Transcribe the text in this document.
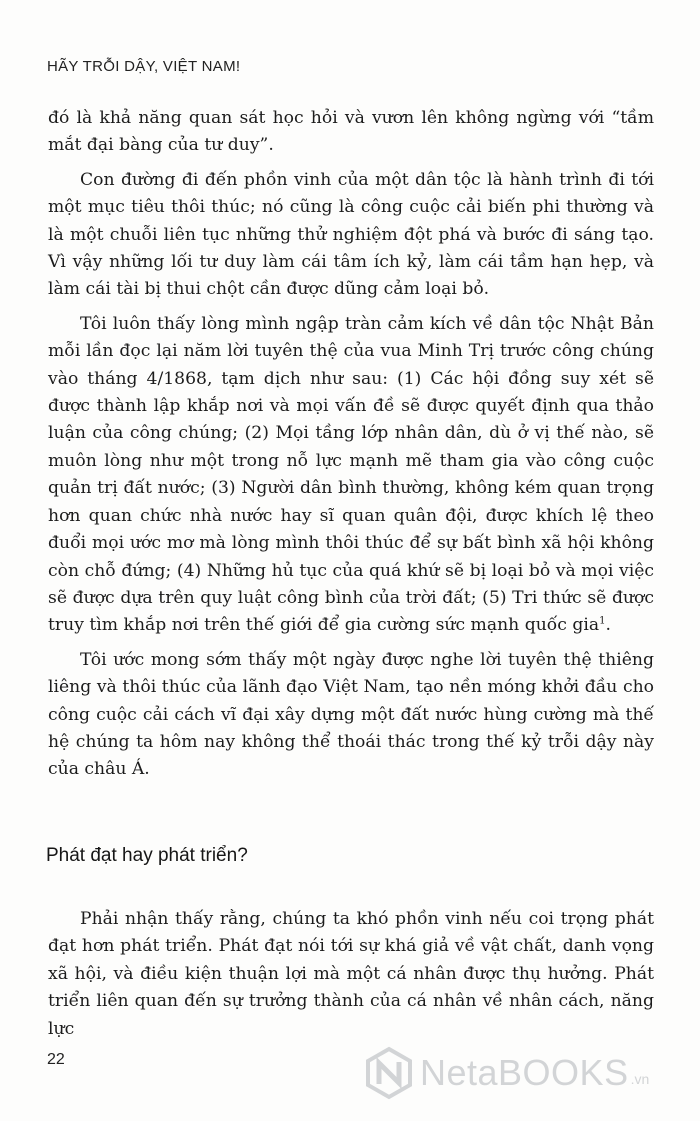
HÃY TRỖI DẬY, VIỆT NAM!

đó là khả năng quan sát học hỏi và vươn lên không ngừng với “tầm mắt đại bàng của tư duy”.

Con đường đi đến phồn vinh của một dân tộc là hành trình đi tới một mục tiêu thôi thúc; nó cũng là công cuộc cải biến phi thường và là một chuỗi liên tục những thử nghiệm đột phá và bước đi sáng tạo. Vì vậy những lối tư duy làm cái tâm ích kỷ, làm cái tầm hạn hẹp, và làm cái tài bị thui chột cần được dũng cảm loại bỏ.

Tôi luôn thấy lòng mình ngập tràn cảm kích về dân tộc Nhật Bản mỗi lần đọc lại năm lời tuyên thệ của vua Minh Trị trước công chúng vào tháng 4/1868, tạm dịch như sau: (1) Các hội đồng suy xét sẽ được thành lập khắp nơi và mọi vấn đề sẽ được quyết định qua thảo luận của công chúng; (2) Mọi tầng lớp nhân dân, dù ở vị thế nào, sẽ muôn lòng như một trong nỗ lực mạnh mẽ tham gia vào công cuộc quản trị đất nước; (3) Người dân bình thường, không kém quan trọng hơn quan chức nhà nước hay sĩ quan quân đội, được khích lệ theo đuổi mọi ước mơ mà lòng mình thôi thúc để sự bất bình xã hội không còn chỗ đứng; (4) Những hủ tục của quá khứ sẽ bị loại bỏ và mọi việc sẽ được dựa trên quy luật công bình của trời đất; (5) Tri thức sẽ được truy tìm khắp nơi trên thế giới để gia cường sức mạnh quốc gia$^1$.

Tôi ước mong sớm thấy một ngày được nghe lời tuyên thệ thiêng liêng và thôi thúc của lãnh đạo Việt Nam, tạo nền móng khởi đầu cho công cuộc cải cách vĩ đại xây dựng một đất nước hùng cường mà thế hệ chúng ta hôm nay không thể thoái thác trong thế kỷ trỗi dậy này của châu Á.

Phát đạt hay phát triển?

Phải nhận thấy rằng, chúng ta khó phồn vinh nếu coi trọng phát đạt hơn phát triển. Phát đạt nói tới sự khá giả về vật chất, danh vọng xã hội, và điều kiện thuận lợi mà một cá nhân được thụ hưởng. Phát triển liên quan đến sự trưởng thành của cá nhân về nhân cách, năng lực

22	NetaBOOKS .vn
